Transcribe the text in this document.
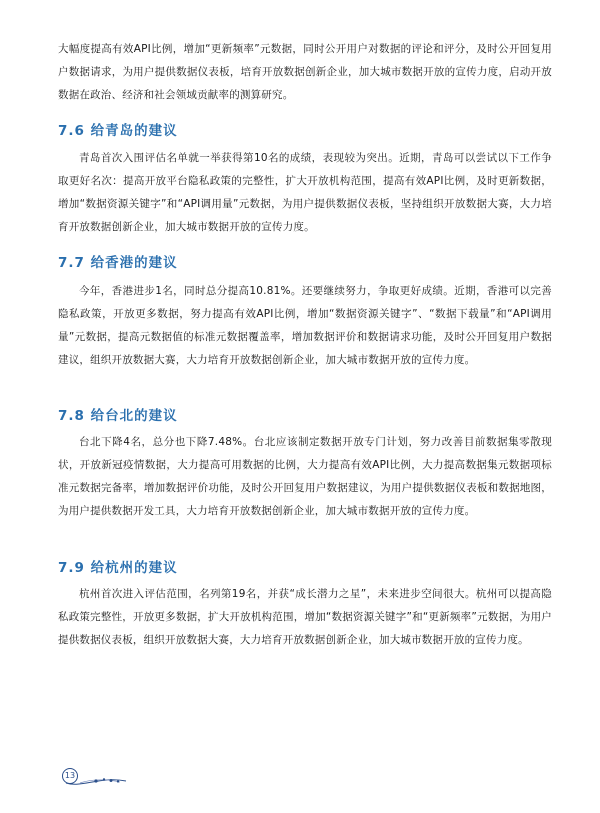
大幅度提高有效API比例，增加“更新频率”元数据，同时公开用户对数据的评论和评分，及时公开回复用户数据请求，为用户提供数据仪表板，培育开放数据创新企业，加大城市数据开放的宣传力度，启动开放数据在政治、经济和社会领域贡献率的测算研究。

7.6 给青岛的建议

青岛首次入围评估名单就一举获得第10名的成绩，表现较为突出。近期，青岛可以尝试以下工作争取更好名次：提高开放平台隐私政策的完整性，扩大开放机构范围，提高有效API比例，及时更新数据，增加“数据资源关键字”和“API调用量”元数据，为用户提供数据仪表板，坚持组织开放数据大赛，大力培育开放数据创新企业，加大城市数据开放的宣传力度。

7.7 给香港的建议

今年，香港进步1名，同时总分提高10.81%。还要继续努力，争取更好成绩。近期，香港可以完善隐私政策，开放更多数据，努力提高有效API比例，增加“数据资源关键字”、“数据下载量”和“API调用量”元数据，提高元数据值的标准元数据覆盖率，增加数据评价和数据请求功能，及时公开回复用户数据建议，组织开放数据大赛，大力培育开放数据创新企业，加大城市数据开放的宣传力度。

7.8 给台北的建议

台北下降4名，总分也下降7.48%。台北应该制定数据开放专门计划，努力改善目前数据集零散现状，开放新冠疫情数据，大力提高可用数据的比例，大力提高有效API比例，大力提高数据集元数据项标准元数据完备率，增加数据评价功能，及时公开回复用户数据建议，为用户提供数据仪表板和数据地图，为用户提供数据开发工具，大力培育开放数据创新企业，加大城市数据开放的宣传力度。

7.9 给杭州的建议

杭州首次进入评估范围，名列第19名，并获“成长潜力之星”，未来进步空间很大。杭州可以提高隐私政策完整性，开放更多数据，扩大开放机构范围，增加“数据资源关键字”和“更新频率”元数据，为用户提供数据仪表板，组织开放数据大赛，大力培育开放数据创新企业，加大城市数据开放的宣传力度。

13
